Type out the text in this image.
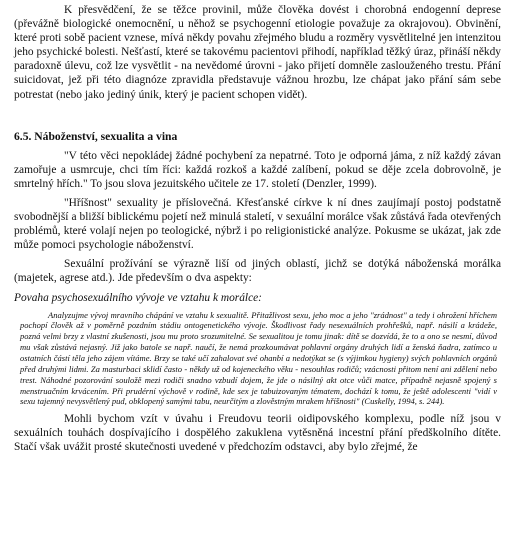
K přesvědčení, že se těžce provinil, může člověka dovést i chorobná endogenní deprese (převážně biologické onemocnění, u něhož se psychogenní etiologie považuje za okrajovou). Obvinění, které proti sobě pacient vznese, mívá někdy povahu zřejmého bludu a rozměry vysvětlitelné jen intenzitou jeho psychické bolesti. Nešťastí, které se takovému pacientovi přihodí, například těžký úraz, přináší někdy paradoxně úlevu, což lze vysvětlit - na nevědomé úrovni - jako přijetí domněle zaslouženého trestu. Přání suicidovat, jež při této diagnóze zpravidla představuje vážnou hrozbu, lze chápat jako přání sám sebe potrestat (nebo jako jediný únik, který je pacient schopen vidět).

6.5. Náboženství, sexualita a vina

"V této věci nepokládej žádné pochybení za nepatrné. Toto je odporná jáma, z níž každý závan zamořuje a usmrcuje, chci tím říci: každá rozkoš a každé zalíbení, pokud se děje zcela dobrovolně, je smrtelný hřích." To jsou slova jezuitského učitele ze 17. století (Denzler, 1999).

"Hříšnost" sexuality je příslovečná. Křesťanské církve k ní dnes zaujímají postoj podstatně svobodnější a bližší biblickému pojetí než minulá staletí, v sexuální morálce však zůstává řada otevřených problémů, které volají nejen po teologické, nýbrž i po religionistické analýze. Pokusme se ukázat, jak zde může pomoci psychologie náboženství.

Sexuální prožívání se výrazně liší od jiných oblastí, jichž se dotýká náboženská morálka (majetek, agrese atd.). Jde především o dva aspekty:

Povaha psychosexuálního vývoje ve vztahu k morálce:

Analyzujme vývoj mravního chápání ve vztahu k sexualitě. Přitažlivost sexu, jeho moc a jeho "zrádnost" a tedy i ohrožení hříchem pochopí člověk až v poměrně pozdním stádiu ontogenetického vývoje. Škodlivost řady nesexuálních prohřešků, např. násilí a krádeže, pozná velmi brzy z vlastní zkušenosti, jsou mu proto srozumitelné. Se sexualitou je tomu jinak: dítě se dozvídá, že to a ono se nesmí, důvod mu však zůstává nejasný. Již jako batole se např. naučí, že nemá prozkoumávat pohlavní orgány druhých lidí a ženská ňadra, zatímco u ostatních částí těla jeho zájem vítáme. Brzy se také učí zahalovat své ohanbí a nedotýkat se (s výjimkou hygieny) svých pohlavních orgánů před druhými lidmi. Za masturbaci sklidí často - někdy už od kojeneckého věku - nesouhlas rodičů; vzácnosti přitom není ani zdělení nebo trest. Náhodné pozorování souložě mezi rodiči snadno vzbudí dojem, že jde o násilný akt otce vůči matce, případně nejasně spojený s menstruačním krvácením. Při prudérní výchově v rodině, kde sex je tabuizovaným tématem, dochází k tomu, že ještě adolescenti "vidí v sexu tajemný nevysvětlený pud, obklopený samými tabu, neurčitým a zlověstným mrakem hříšnosti" (Cuskelly, 1994, s. 244).

Mohli bychom vzít v úvahu i Freudovu teorii oidipovského komplexu, podle níž jsou v sexuálních touhách dospívajícího i dospělého zakuklena vytěsněná incestní přání předškolního dítěte. Stačí však uvážit prosté skutečnosti uvedené v předchozím odstavci, aby bylo zřejmé, že
